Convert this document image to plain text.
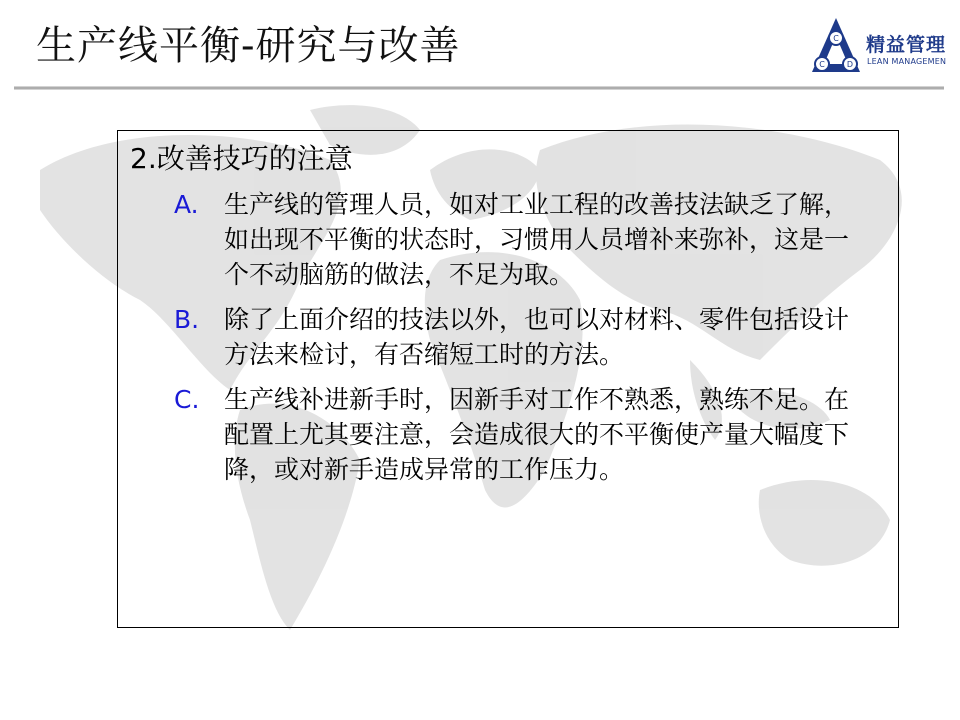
生产线平衡-研究与改善	C
C	D
精益管理
LEAN MANAGEMEN
2.改善技巧的注意
A.	生产线的管理人员，如对工业工程的改善技法缺乏了解，如出现不平衡的状态时，习惯用人员增补来弥补，这是一个不动脑筋的做法，不足为取。
B. 除了上面介绍的技法以外，也可以对材料、零件包括设计方法来检讨，有否缩短工时的方法。
C. 生产线补进新手时，因新手对工作不熟悉，熟练不足。在配置上尤其要注意，会造成很大的不平衡使产量大幅度下降，或对新手造成异常的工作压力。
